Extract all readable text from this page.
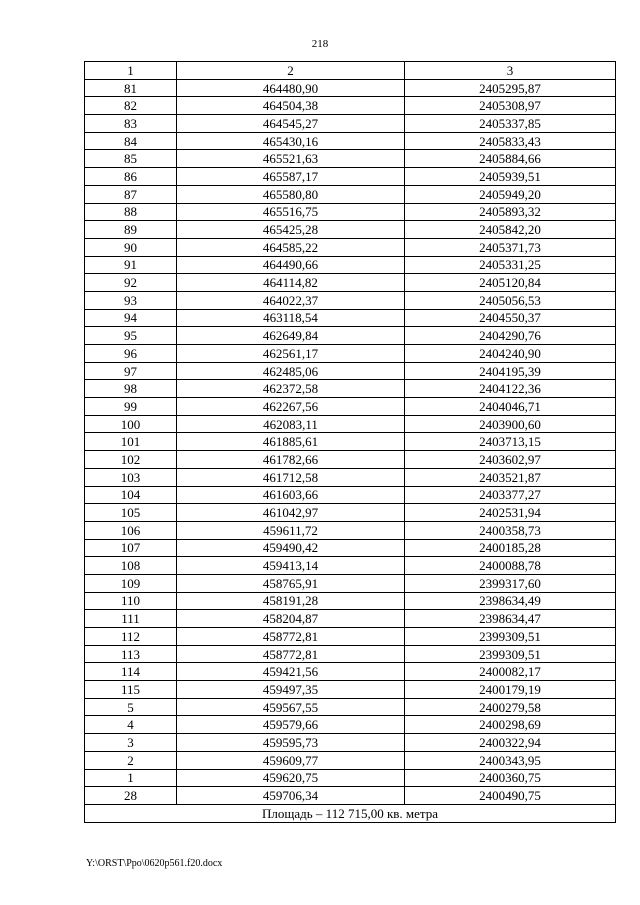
218
1	2	3
81	464480,90	2405295,87
82	464504,38	2405308,97
83	464545,27	2405337,85
84	465430,16	2405833,43
85	465521,63	2405884,66
86	465587,17	2405939,51
87	465580,80	2405949,20
88	465516,75	2405893,32
89	465425,28	2405842,20
90	464585,22	2405371,73
91	464490,66	2405331,25
92	464114,82	2405120,84
93	464022,37	2405056,53
94	463118,54	2404550,37
95	462649,84	2404290,76
96	462561,17	2404240,90
97	462485,06	2404195,39
98	462372,58	2404122,36
99	462267,56	2404046,71
100	462083,11	2403900,60
101	461885,61	2403713,15
102	461782,66	2403602,97
103	461712,58	2403521,87
104	461603,66	2403377,27
105	461042,97	2402531,94
106	459611,72	2400358,73
107	459490,42	2400185,28
108	459413,14	2400088,78
109	458765,91	2399317,60
110	458191,28	2398634,49
111	458204,87	2398634,47
112	458772,81	2399309,51
113	458772,81	2399309,51
114	459421,56	2400082,17
115	459497,35	2400179,19
5	459567,55	2400279,58
4	459579,66	2400298,69
3	459595,73	2400322,94
2	459609,77	2400343,95
1	459620,75	2400360,75
28	459706,34	2400490,75
Площадь – 112 715,00 кв. метра		
Y:\ORST\Ppo\0620p561.f20.docx
